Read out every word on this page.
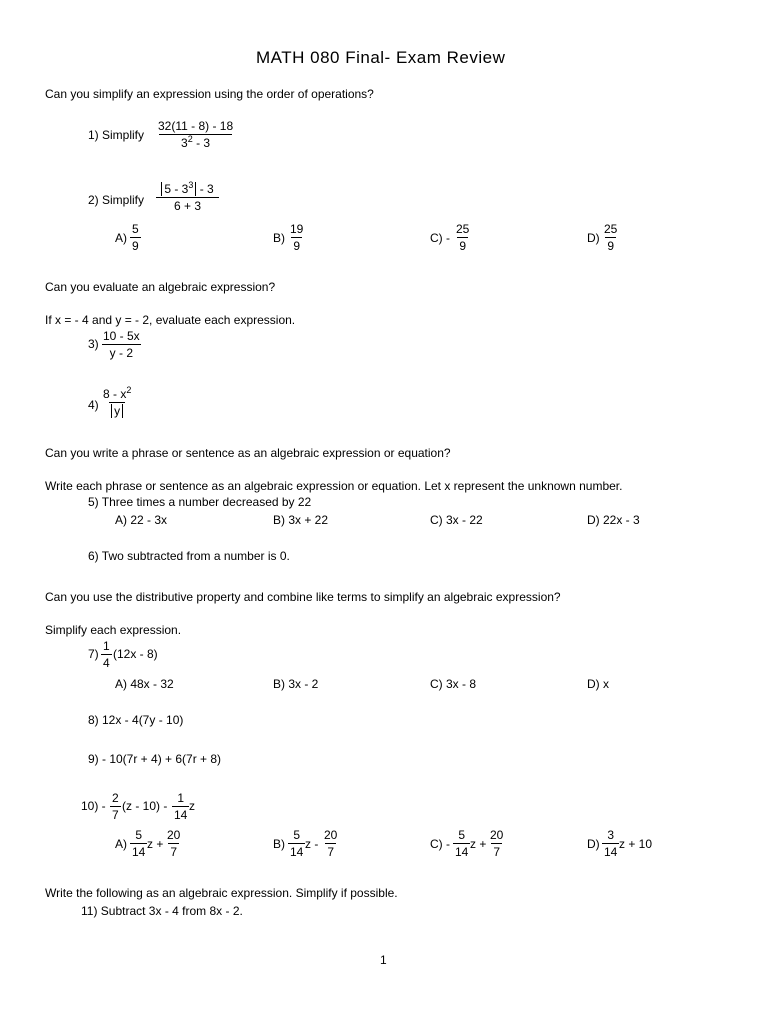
MATH 080 Final- Exam Review
Can you simplify an expression using the order of operations?
1) Simplify $\frac{32(11 - 8) - 18}{3^2 - 3}$
2) Simplify $\frac{5 - 3^3 - 3}{6 + 3}$
$A) \frac{5}{9}$	$B) \frac{19}{9}$	$C) - \frac{25}{9}$	$D) \frac{25}{9}$
Can you evaluate an algebraic expression?
If x = - 4 and y = - 2, evaluate each expression.
$3) \frac{10 - 5x}{y - 2}$
$4) \frac{8 - x^2}{y}$
Can you write a phrase or sentence as an algebraic expression or equation?
Write each phrase or sentence as an algebraic expression or equation. Let x represent the unknown number.
5) Three times a number decreased by 22
A) 22 - 3x	B) 3x + 22	C) 3x - 22	D) 22x - 3
6) Two subtracted from a number is 0.
Can you use the distributive property and combine like terms to simplify an algebraic expression?
Simplify each expression.
$7) \frac{1}{4} (12x - 8)$
A) 48x - 32	B) 3x - 2	C) 3x - 8	D) x
8) 12x - 4(7y - 10)
9) - 10(7r + 4) + 6(7r + 8)
$10) - \frac{2}{7} (z - 10) - \frac{1}{14}$ z
$A) \frac{5}{14}$ $z + \frac{20}{7}$	$B) \frac{5}{14}$ z - $\frac{20}{7}$	$C) - \frac{5}{14}$ $z + \frac{20}{7}$	$D) \frac{3}{14}$ z + 10
Write the following as an algebraic expression. Simplify if possible.
11) Subtract 3x - 4 from 8x - 2.
1
